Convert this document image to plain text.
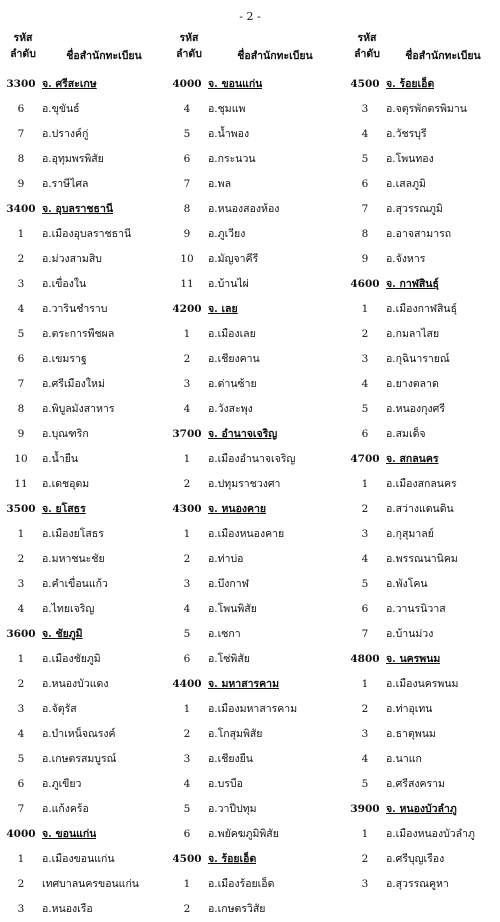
- 2 -
รหัส
ลำดับ	ชื่อสำนักทะเบียน
3300 จ. ศรีสะเกษ
6	อ.ขุขันธ์
7	อ.ปรางค์กู่
8	อ.อุทุมพรพิสัย
9	อ.ราษีไศล
3400 จ. อุบลราชธานี
1	อ.เมืองอุบลราชธานี
2	อ.ม่วงสามสิบ
3	อ.เขื่องใน
4	อ.วารินชำราบ
5	อ.ตระการพืชผล
6	อ.เขมราฐ
7	อ.ศรีเมืองใหม่
8	อ.พิบูลมังสาหาร
9	อ.บุณฑริก
10	อ.น้ำยืน
11	อ.เดชอุดม
3500 จ. ยโสธร
1	อ.เมืองยโสธร
2	อ.มหาชนะชัย
3	อ.คำเขื่อนแก้ว
4	อ.ไทยเจริญ
3600 จ. ชัยภูมิ
1	อ.เมืองชัยภูมิ
2	อ.หนองบัวแดง
3	อ.จัตุรัส
4	อ.บำเหน็จณรงค์
5	อ.เกษตรสมบูรณ์
6	อ.ภูเขียว
7	อ.แก้งคร้อ
4000 จ. ขอนแก่น
1	อ.เมืองขอนแก่น
2	เทศบาลนครขอนแก่น
3	อ.หนองเรือ
รหัส
ลำดับ	ชื่อสำนักทะเบียน
4000 จ. ขอนแก่น
4	อ.ชุมแพ
5	อ.น้ำพอง
6	อ.กระนวน
7	อ.พล
8	อ.หนองสองห้อง
9	อ.ภูเวียง
10	อ.มัญจาคีรี
11	อ.บ้านไผ่
4200 จ. เลย
1	อ.เมืองเลย
2	อ.เชียงคาน
3	อ.ด่านซ้าย
4	อ.วังสะพุง
3700 จ. อำนาจเจริญ
1	อ.เมืองอำนาจเจริญ
2	อ.ปทุมราชวงศา
4300 จ. หนองคาย
1	อ.เมืองหนองคาย
2	อ.ท่าบ่อ
3	อ.บึงกาฬ
4	อ.โพนพิสัย
5	อ.เซกา
6	อ.โซ่พิสัย
4400 จ. มหาสารคาม
1	อ.เมืองมหาสารคาม
2	อ.โกสุมพิสัย
3	อ.เชียงยืน
4	อ.บรบือ
5	อ.วาปีปทุม
6	อ.พยัคฆภูมิพิสัย
4500 จ. ร้อยเอ็ด
1	อ.เมืองร้อยเอ็ด
2	อ.เกษตรวิสัย
รหัส
ลำดับ	ชื่อสำนักทะเบียน
4500 จ. ร้อยเอ็ด
3	อ.จตุรพักตรพิมาน
4	อ.วัชรบุรี
5	อ.โพนทอง
6	อ.เสลภูมิ
7	อ.สุวรรณภูมิ
8	อ.อาจสามารถ
9	อ.จังหาร
4600 จ. กาฬสินธุ์
1	อ.เมืองกาฬสินธุ์
2	อ.กมลาไสย
3	อ.กุฉินารายณ์
4	อ.ยางตลาด
5	อ.หนองกุงศรี
6	อ.สมเด็จ
4700 จ. สกลนคร
1	อ.เมืองสกลนคร
2	อ.สว่างแดนดิน
3	อ.กุสุมาลย์
4	อ.พรรณนานิคม
5	อ.พังโคน
6	อ.วานรนิวาส
7	อ.บ้านม่วง
4800 จ. นครพนม
1	อ.เมืองนครพนม
2	อ.ท่าอุเทน
3	อ.ธาตุพนม
4	อ.นาแก
5	อ.ศรีสงคราม
3900 จ. หนองบัวลำภู
1	อ.เมืองหนองบัวลำภู
2	อ.ศรีบุญเรือง
3	อ.สุวรรณคูหา
